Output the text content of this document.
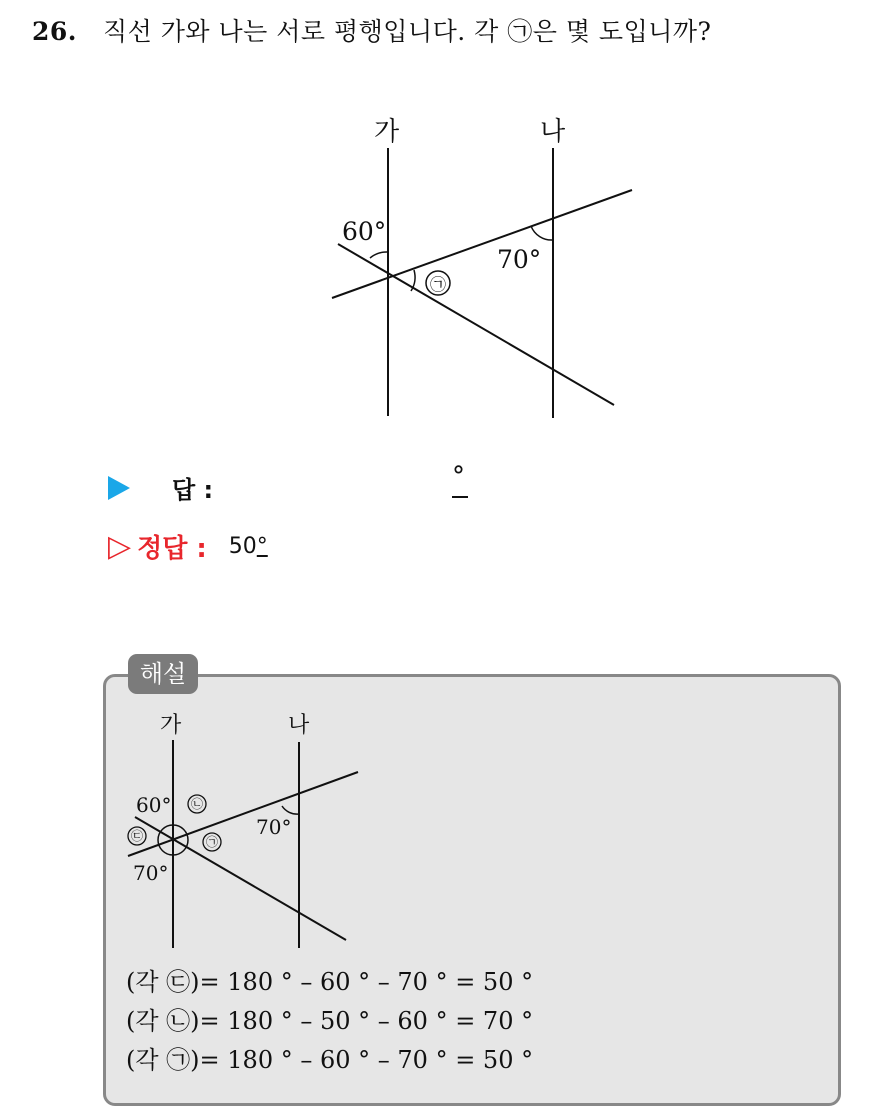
26. 직선 가와 나는 서로 평행입니다. 각 ㉠은 몇 도입니까?
가	나
60°
70°
㉠
답 :	°
▷ 정답 : 50°
해설
가	나
60°
70°
70°
㉡
㉢	㉠
(각 ㉢)= 180 ° – 60 ° – 70 ° = 50 °
(각 ㉡)= 180 ° – 50 ° – 60 ° = 70 °
(각 ㉠)= 180 ° – 60 ° – 70 ° = 50 °
